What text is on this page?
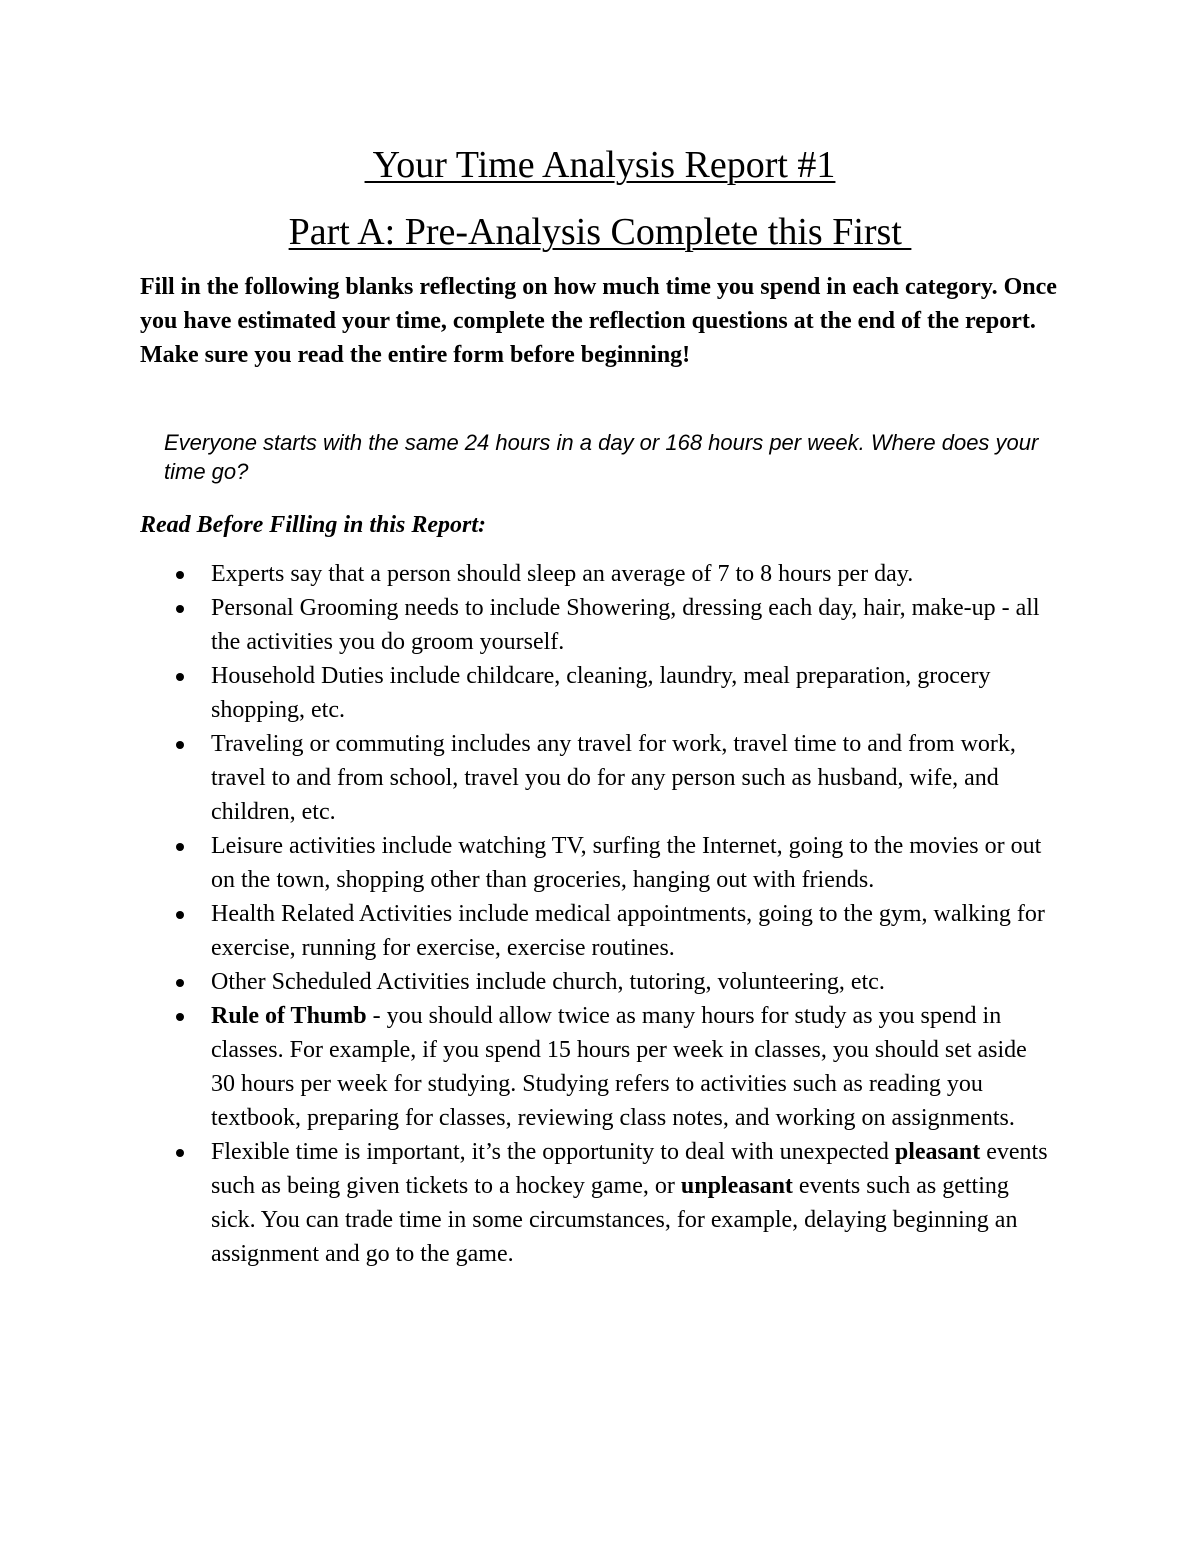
Your Time Analysis Report #1
Part A: Pre-Analysis Complete this First
Fill in the following blanks reflecting on how much time you spend in each category. Once you have estimated your time, complete the reflection questions at the end of the report. Make sure you read the entire form before beginning!
Everyone starts with the same 24 hours in a day or 168 hours per week. Where does your time go?
Read Before Filling in this Report:
Experts say that a person should sleep an average of 7 to 8 hours per day.
Personal Grooming needs to include Showering, dressing each day, hair, make-up - all the activities you do groom yourself.
Household Duties include childcare, cleaning, laundry, meal preparation, grocery shopping, etc.
Traveling or commuting includes any travel for work, travel time to and from work, travel to and from school, travel you do for any person such as husband, wife, and children, etc.
Leisure activities include watching TV, surfing the Internet, going to the movies or out on the town, shopping other than groceries, hanging out with friends.
Health Related Activities include medical appointments, going to the gym, walking for exercise, running for exercise, exercise routines.
Other Scheduled Activities include church, tutoring, volunteering, etc.
Rule of Thumb - you should allow twice as many hours for study as you spend in classes. For example, if you spend 15 hours per week in classes, you should set aside 30 hours per week for studying. Studying refers to activities such as reading you textbook, preparing for classes, reviewing class notes, and working on assignments.
Flexible time is important, it’s the opportunity to deal with unexpected pleasant events such as being given tickets to a hockey game, or unpleasant events such as getting sick. You can trade time in some circumstances, for example, delaying beginning an assignment and go to the game.
